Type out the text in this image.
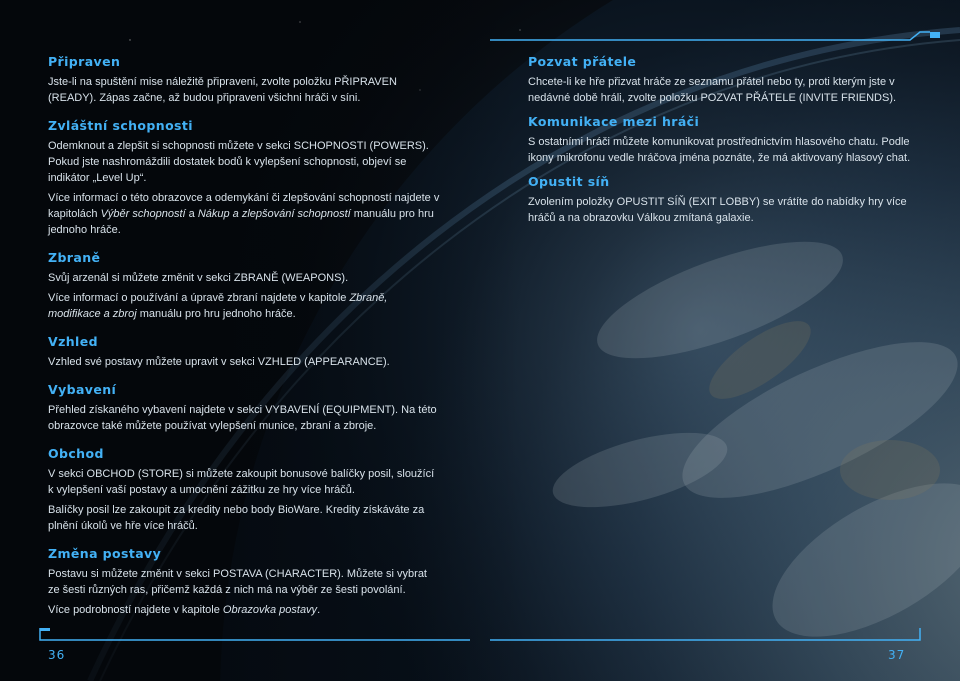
Připraven

Jste-li na spuštění mise náležitě připraveni, zvolte položku PŘIPRAVEN (READY). Zápas začne, až budou připraveni všichni hráči v síni.

Zvláštní schopnosti

Odemknout a zlepšit si schopnosti můžete v sekci SCHOPNOSTI (POWERS). Pokud jste nashromáždili dostatek bodů k vylepšení schopnosti, objeví se indikátor „Level Up“.

Více informací o této obrazovce a odemykání či zlepšování schopností najdete v kapitolách Výběr schopností a Nákup a zlepšování schopností manuálu pro hru jednoho hráče.

Zbraně

Svůj arzenál si můžete změnit v sekci ZBRANĚ (WEAPONS).

Více informací o používání a úpravě zbraní najdete v kapitole Zbraně, modifikace a zbroj manuálu pro hru jednoho hráče.

Vzhled

Vzhled své postavy můžete upravit v sekci VZHLED (APPEARANCE).

Vybavení

Přehled získaného vybavení najdete v sekci VYBAVENÍ (EQUIPMENT). Na této obrazovce také můžete používat vylepšení munice, zbraní a zbroje.

Obchod

V sekci OBCHOD (STORE) si můžete zakoupit bonusové balíčky posil, sloužící k vylepšení vaší postavy a umocnění zážitku ze hry více hráčů.

Balíčky posil lze zakoupit za kredity nebo body BioWare. Kredity získáváte za plnění úkolů ve hře více hráčů.

Změna postavy

Postavu si můžete změnit v sekci POSTAVA (CHARACTER). Můžete si vybrat ze šesti různých ras, přičemž každá z nich má na výběr ze šesti povolání.

Více podrobností najdete v kapitole Obrazovka postavy.

Pozvat přátele

Chcete-li ke hře přizvat hráče ze seznamu přátel nebo ty, proti kterým jste v nedávné době hráli, zvolte položku POZVAT PŘÁTELE (INVITE FRIENDS).

Komunikace mezi hráči

S ostatními hráči můžete komunikovat prostřednictvím hlasového chatu. Podle ikony mikrofonu vedle hráčova jména poznáte, že má aktivovaný hlasový chat.

Opustit síň

Zvolením položky OPUSTIT SÍŇ (EXIT LOBBY) se vrátíte do nabídky hry více hráčů a na obrazovku Válkou zmítaná galaxie.

36	37
